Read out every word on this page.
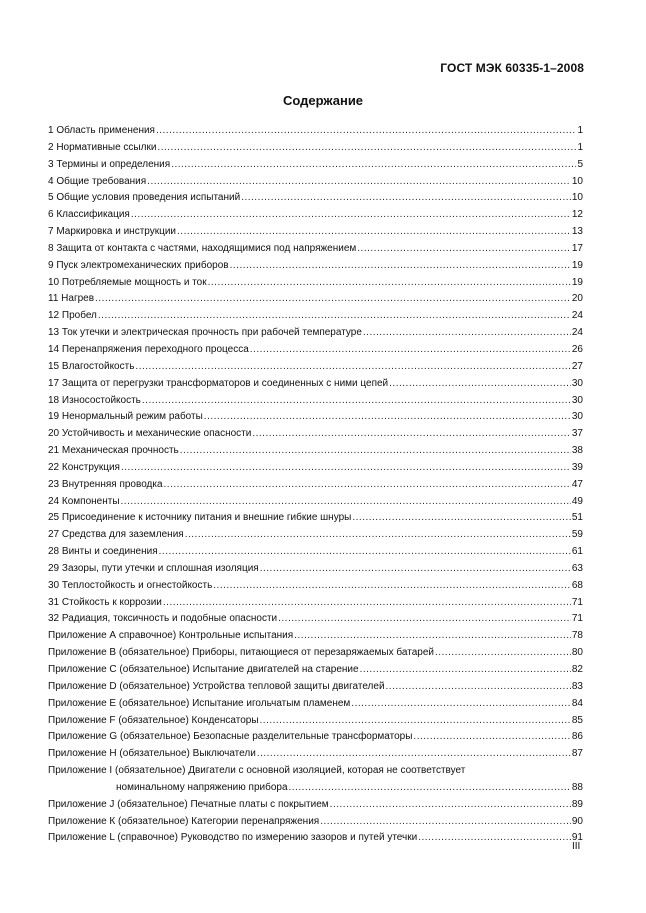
ГОСТ МЭК 60335-1–2008
Содержание
1 Область применения .....	1
2 Нормативные ссылки .....	1
3 Термины и определения .....	5
4 Общие требования .....	10
5 Общие условия проведения испытаний .....	10
6 Классификация .....	12
7 Маркировка и инструкции .....	13
8 Защита от контакта с частями, находящимися под напряжением .....	17
9 Пуск электромеханических приборов .....	19
10 Потребляемые мощность и ток .....	19
11 Нагрев .....	20
12 Пробел .....	24
13 Ток утечки и электрическая прочность при рабочей температуре .....	24
14 Перенапряжения переходного процесса .....	26
15 Влагостойкость .....	27
17 Защита от перегрузки трансформаторов и соединенных с ними цепей .....	30
18 Износостойкость .....	30
19 Ненормальный режим работы .....	30
20 Устойчивость и механические опасности .....	37
21 Механическая прочность .....	38
22 Конструкция .....	39
23 Внутренняя проводка .....	47
24 Компоненты .....	49
25 Присоединение к источнику питания и внешние гибкие шнуры .....	51
27 Средства для заземления .....	59
28 Винты и соединения .....	61
29 Зазоры, пути утечки и сплошная изоляция .....	63
30 Теплостойкость и огнестойкость .....	68
31 Стойкость к коррозии .....	71
32 Радиация, токсичность и подобные опасности .....	71
Приложение А справочное) Контрольные испытания .....	78
Приложение В (обязательное) Приборы, питающиеся от перезаряжаемых батарей .....	80
Приложение С (обязательное) Испытание двигателей на старение .....	82
Приложение D (обязательное) Устройства тепловой защиты двигателей .....	83
Приложение Е (обязательное) Испытание игольчатым пламенем .....	84
Приложение F (обязательное) Конденсаторы .....	85
Приложение G (обязательное) Безопасные разделительные трансформаторы .....	86
Приложение Н (обязательное) Выключатели .....	87
Приложение I (обязательное) Двигатели с основной изоляцией, которая не соответствует
номинальному напряжению прибора .....	88
Приложение J (обязательное) Печатные платы с покрытием .....	89
Приложение К (обязательное) Категории перенапряжения .....	90
Приложение L (справочное) Руководство по измерению зазоров и путей утечки .....	91
III
